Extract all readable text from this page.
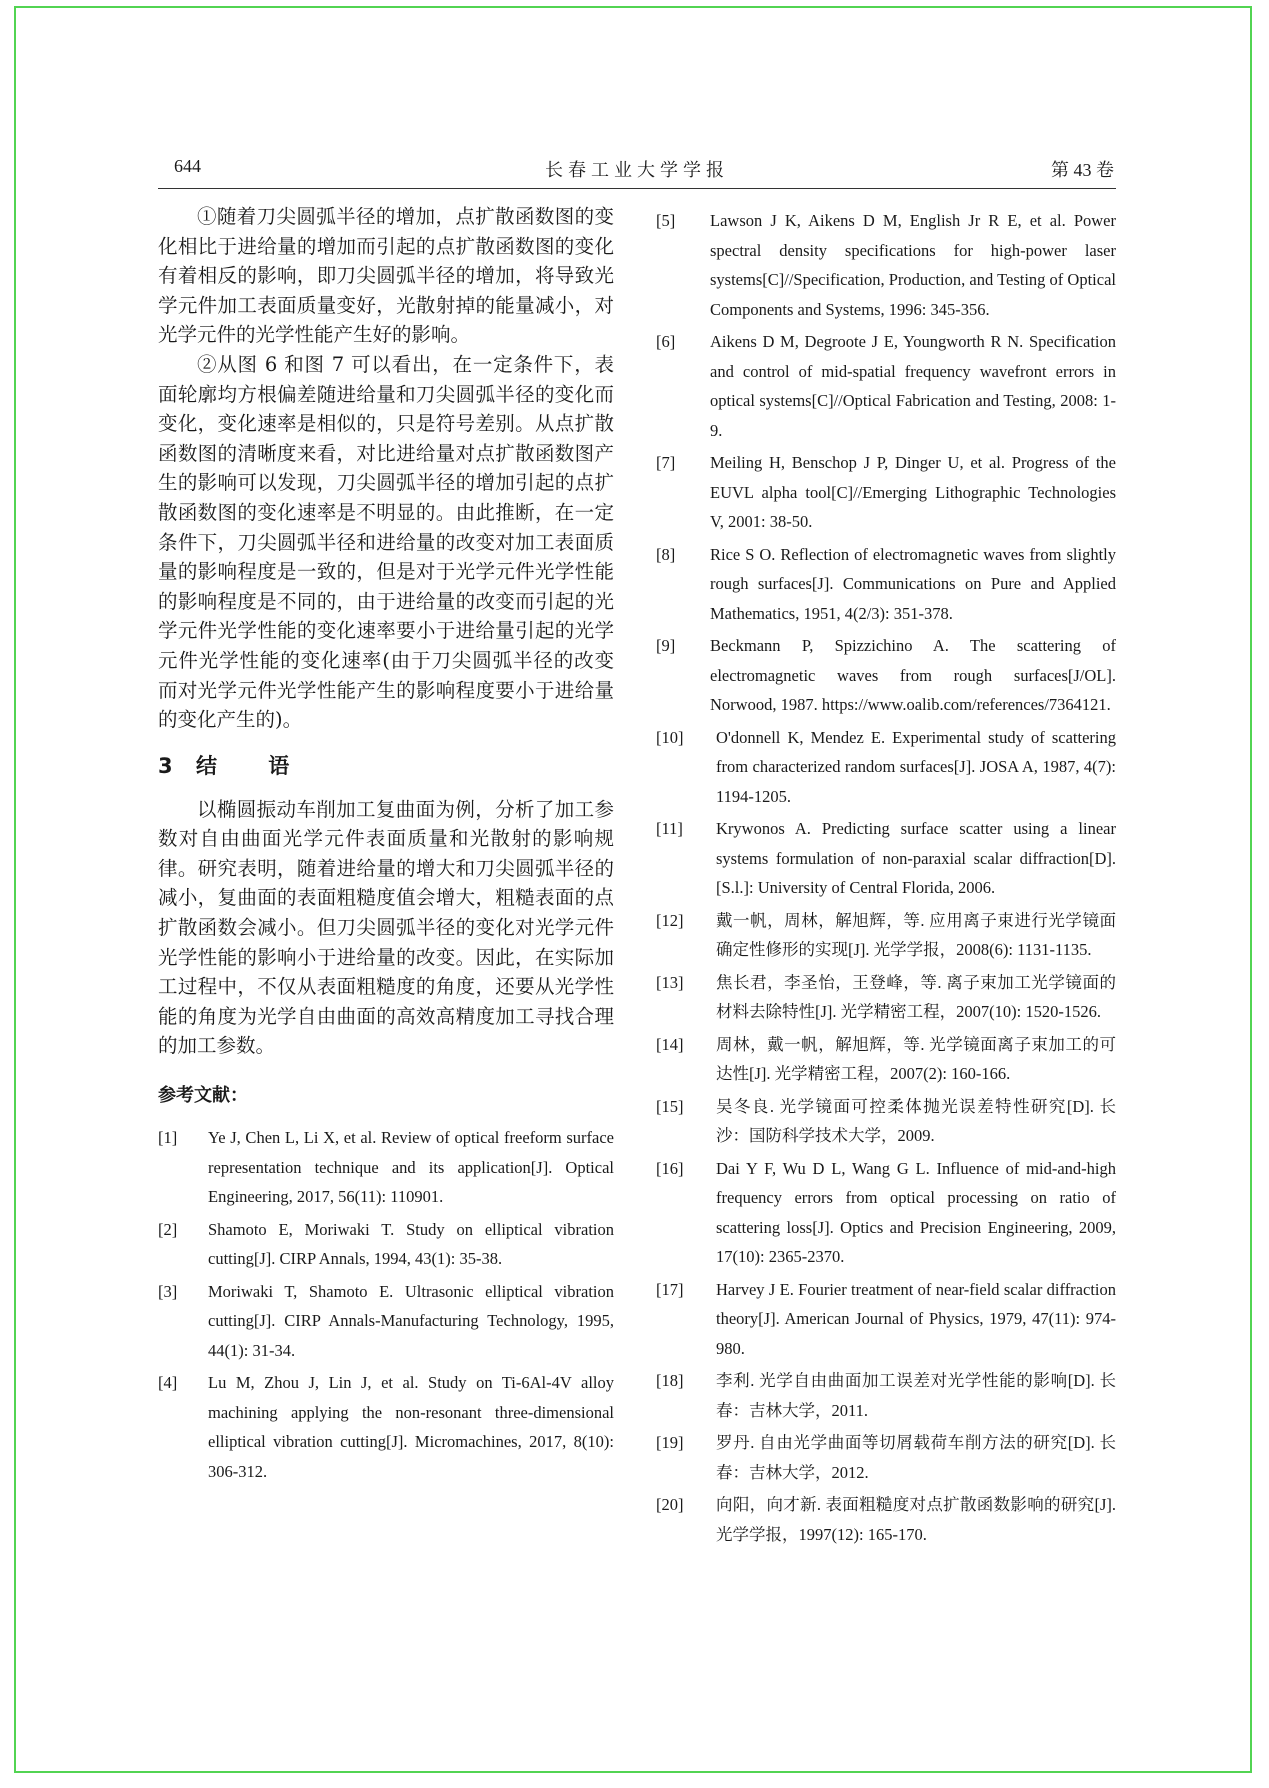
644	长春工业大学学报	第 43 卷

①随着刀尖圆弧半径的增加，点扩散函数图的变化相比于进给量的增加而引起的点扩散函数图的变化有着相反的影响，即刀尖圆弧半径的增加，将导致光学元件加工表面质量变好，光散射掉的能量减小，对光学元件的光学性能产生好的影响。

②从图 6 和图 7 可以看出，在一定条件下，表面轮廓均方根偏差随进给量和刀尖圆弧半径的变化而变化，变化速率是相似的，只是符号差别。从点扩散函数图的清晰度来看，对比进给量对点扩散函数图产生的影响可以发现，刀尖圆弧半径的增加引起的点扩散函数图的变化速率是不明显的。由此推断，在一定条件下，刀尖圆弧半径和进给量的改变对加工表面质量的影响程度是一致的，但是对于光学元件光学性能的影响程度是不同的，由于进给量的改变而引起的光学元件光学性能的变化速率要小于进给量引起的光学元件光学性能的变化速率(由于刀尖圆弧半径的改变而对光学元件光学性能产生的影响程度要小于进给量的变化产生的)。

3 结 语

以椭圆振动车削加工复曲面为例，分析了加工参数对自由曲面光学元件表面质量和光散射的影响规律。研究表明，随着进给量的增大和刀尖圆弧半径的减小，复曲面的表面粗糙度值会增大，粗糙表面的点扩散函数会减小。但刀尖圆弧半径的变化对光学元件光学性能的影响小于进给量的改变。因此，在实际加工过程中，不仅从表面粗糙度的角度，还要从光学性能的角度为光学自由曲面的高效高精度加工寻找合理的加工参数。

参考文献：
[1] Ye J, Chen L, Li X, et al. Review of optical freeform surface representation technique and its application[J]. Optical Engineering, 2017, 56(11): 110901.
[2] Shamoto E, Moriwaki T. Study on elliptical vibration cutting[J]. CIRP Annals, 1994, 43(1): 35-38.
[3] Moriwaki T, Shamoto E. Ultrasonic elliptical vibration cutting[J]. CIRP Annals-Manufacturing Technology, 1995, 44(1): 31-34.
[4] Lu M, Zhou J, Lin J, et al. Study on Ti-6Al-4V alloy machining applying the non-resonant three-dimensional elliptical vibration cutting[J]. Micromachines, 2017, 8(10): 306-312.
[5] Lawson J K, Aikens D M, English Jr R E, et al. Power spectral density specifications for high-power laser systems[C]//Specification, Production, and Testing of Optical Components and Systems, 1996: 345-356.
[6] Aikens D M, Degroote J E, Youngworth R N. Specification and control of mid-spatial frequency wavefront errors in optical systems[C]//Optical Fabrication and Testing, 2008: 1-9.
[7] Meiling H, Benschop J P, Dinger U, et al. Progress of the EUVL alpha tool[C]//Emerging Lithographic Technologies V, 2001: 38-50.
[8] Rice S O. Reflection of electromagnetic waves from slightly rough surfaces[J]. Communications on Pure and Applied Mathematics, 1951, 4(2/3): 351-378.
[9] Beckmann P, Spizzichino A. The scattering of electromagnetic waves from rough surfaces[J/OL]. Norwood, 1987. https://www.oalib.com/references/7364121.
[10] O'donnell K, Mendez E. Experimental study of scattering from characterized random surfaces[J]. JOSA A, 1987, 4(7): 1194-1205.
[11] Krywonos A. Predicting surface scatter using a linear systems formulation of non-paraxial scalar diffraction[D]. [S.l.]: University of Central Florida, 2006.
[12] 戴一帆，周林，解旭辉，等. 应用离子束进行光学镜面确定性修形的实现[J]. 光学学报，2008(6): 1131-1135.
[13] 焦长君，李圣怡，王登峰，等. 离子束加工光学镜面的材料去除特性[J]. 光学精密工程，2007(10): 1520-1526.
[14] 周林，戴一帆，解旭辉，等. 光学镜面离子束加工的可达性[J]. 光学精密工程，2007(2): 160-166.
[15] 吴冬良. 光学镜面可控柔体抛光误差特性研究[D]. 长沙：国防科学技术大学，2009.
[16] Dai Y F, Wu D L, Wang G L. Influence of mid-and-high frequency errors from optical processing on ratio of scattering loss[J]. Optics and Precision Engineering, 2009, 17(10): 2365-2370.
[17] Harvey J E. Fourier treatment of near-field scalar diffraction theory[J]. American Journal of Physics, 1979, 47(11): 974-980.
[18] 李利. 光学自由曲面加工误差对光学性能的影响[D]. 长春：吉林大学，2011.
[19] 罗丹. 自由光学曲面等切屑载荷车削方法的研究[D]. 长春：吉林大学，2012.
[20] 向阳，向才新. 表面粗糙度对点扩散函数影响的研究[J]. 光学学报，1997(12): 165-170.
